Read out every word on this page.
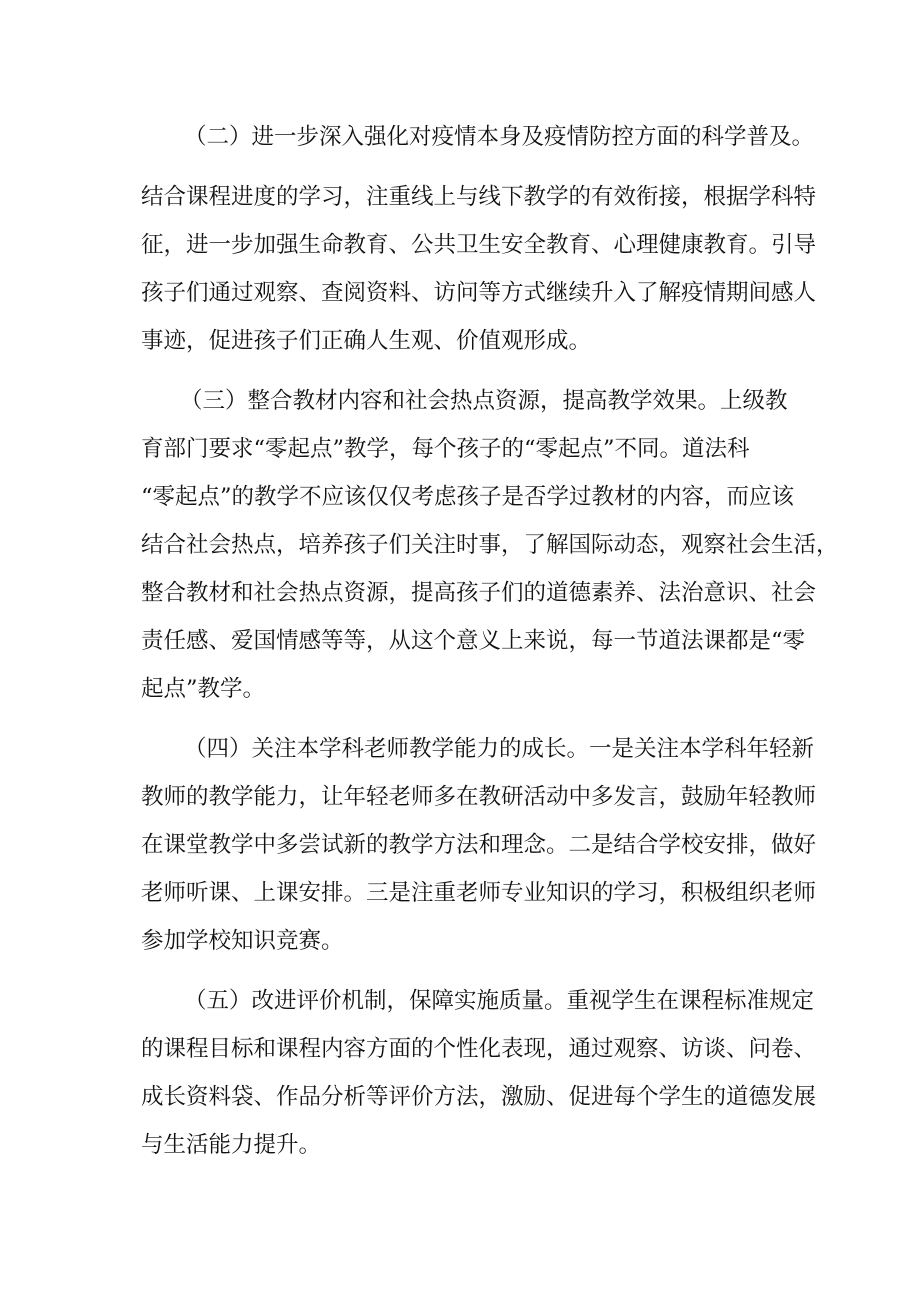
（二）进一步深入强化对疫情本身及疫情防控方面的科学普及。

结合课程进度的学习，注重线上与线下教学的有效衔接，根据学科特

征，进一步加强生命教育、公共卫生安全教育、心理健康教育。引导

孩子们通过观察、查阅资料、访问等方式继续升入了解疫情期间感人

事迹，促进孩子们正确人生观、价值观形成。

（三）整合教材内容和社会热点资源，提高教学效果。上级教

育部门要求“零起点”教学，每个孩子的“零起点”不同。道法科

“零起点”的教学不应该仅仅考虑孩子是否学过教材的内容，而应该

结合社会热点，培养孩子们关注时事，了解国际动态，观察社会生活，

整合教材和社会热点资源，提高孩子们的道德素养、法治意识、社会

责任感、爱国情感等等，从这个意义上来说，每一节道法课都是“零

起点”教学。

（四）关注本学科老师教学能力的成长。一是关注本学科年轻新

教师的教学能力，让年轻老师多在教研活动中多发言，鼓励年轻教师

在课堂教学中多尝试新的教学方法和理念。二是结合学校安排，做好

老师听课、上课安排。三是注重老师专业知识的学习，积极组织老师

参加学校知识竞赛。

（五）改进评价机制，保障实施质量。重视学生在课程标准规定

的课程目标和课程内容方面的个性化表现，通过观察、访谈、问卷、

成长资料袋、作品分析等评价方法，激励、促进每个学生的道德发展

与生活能力提升。
